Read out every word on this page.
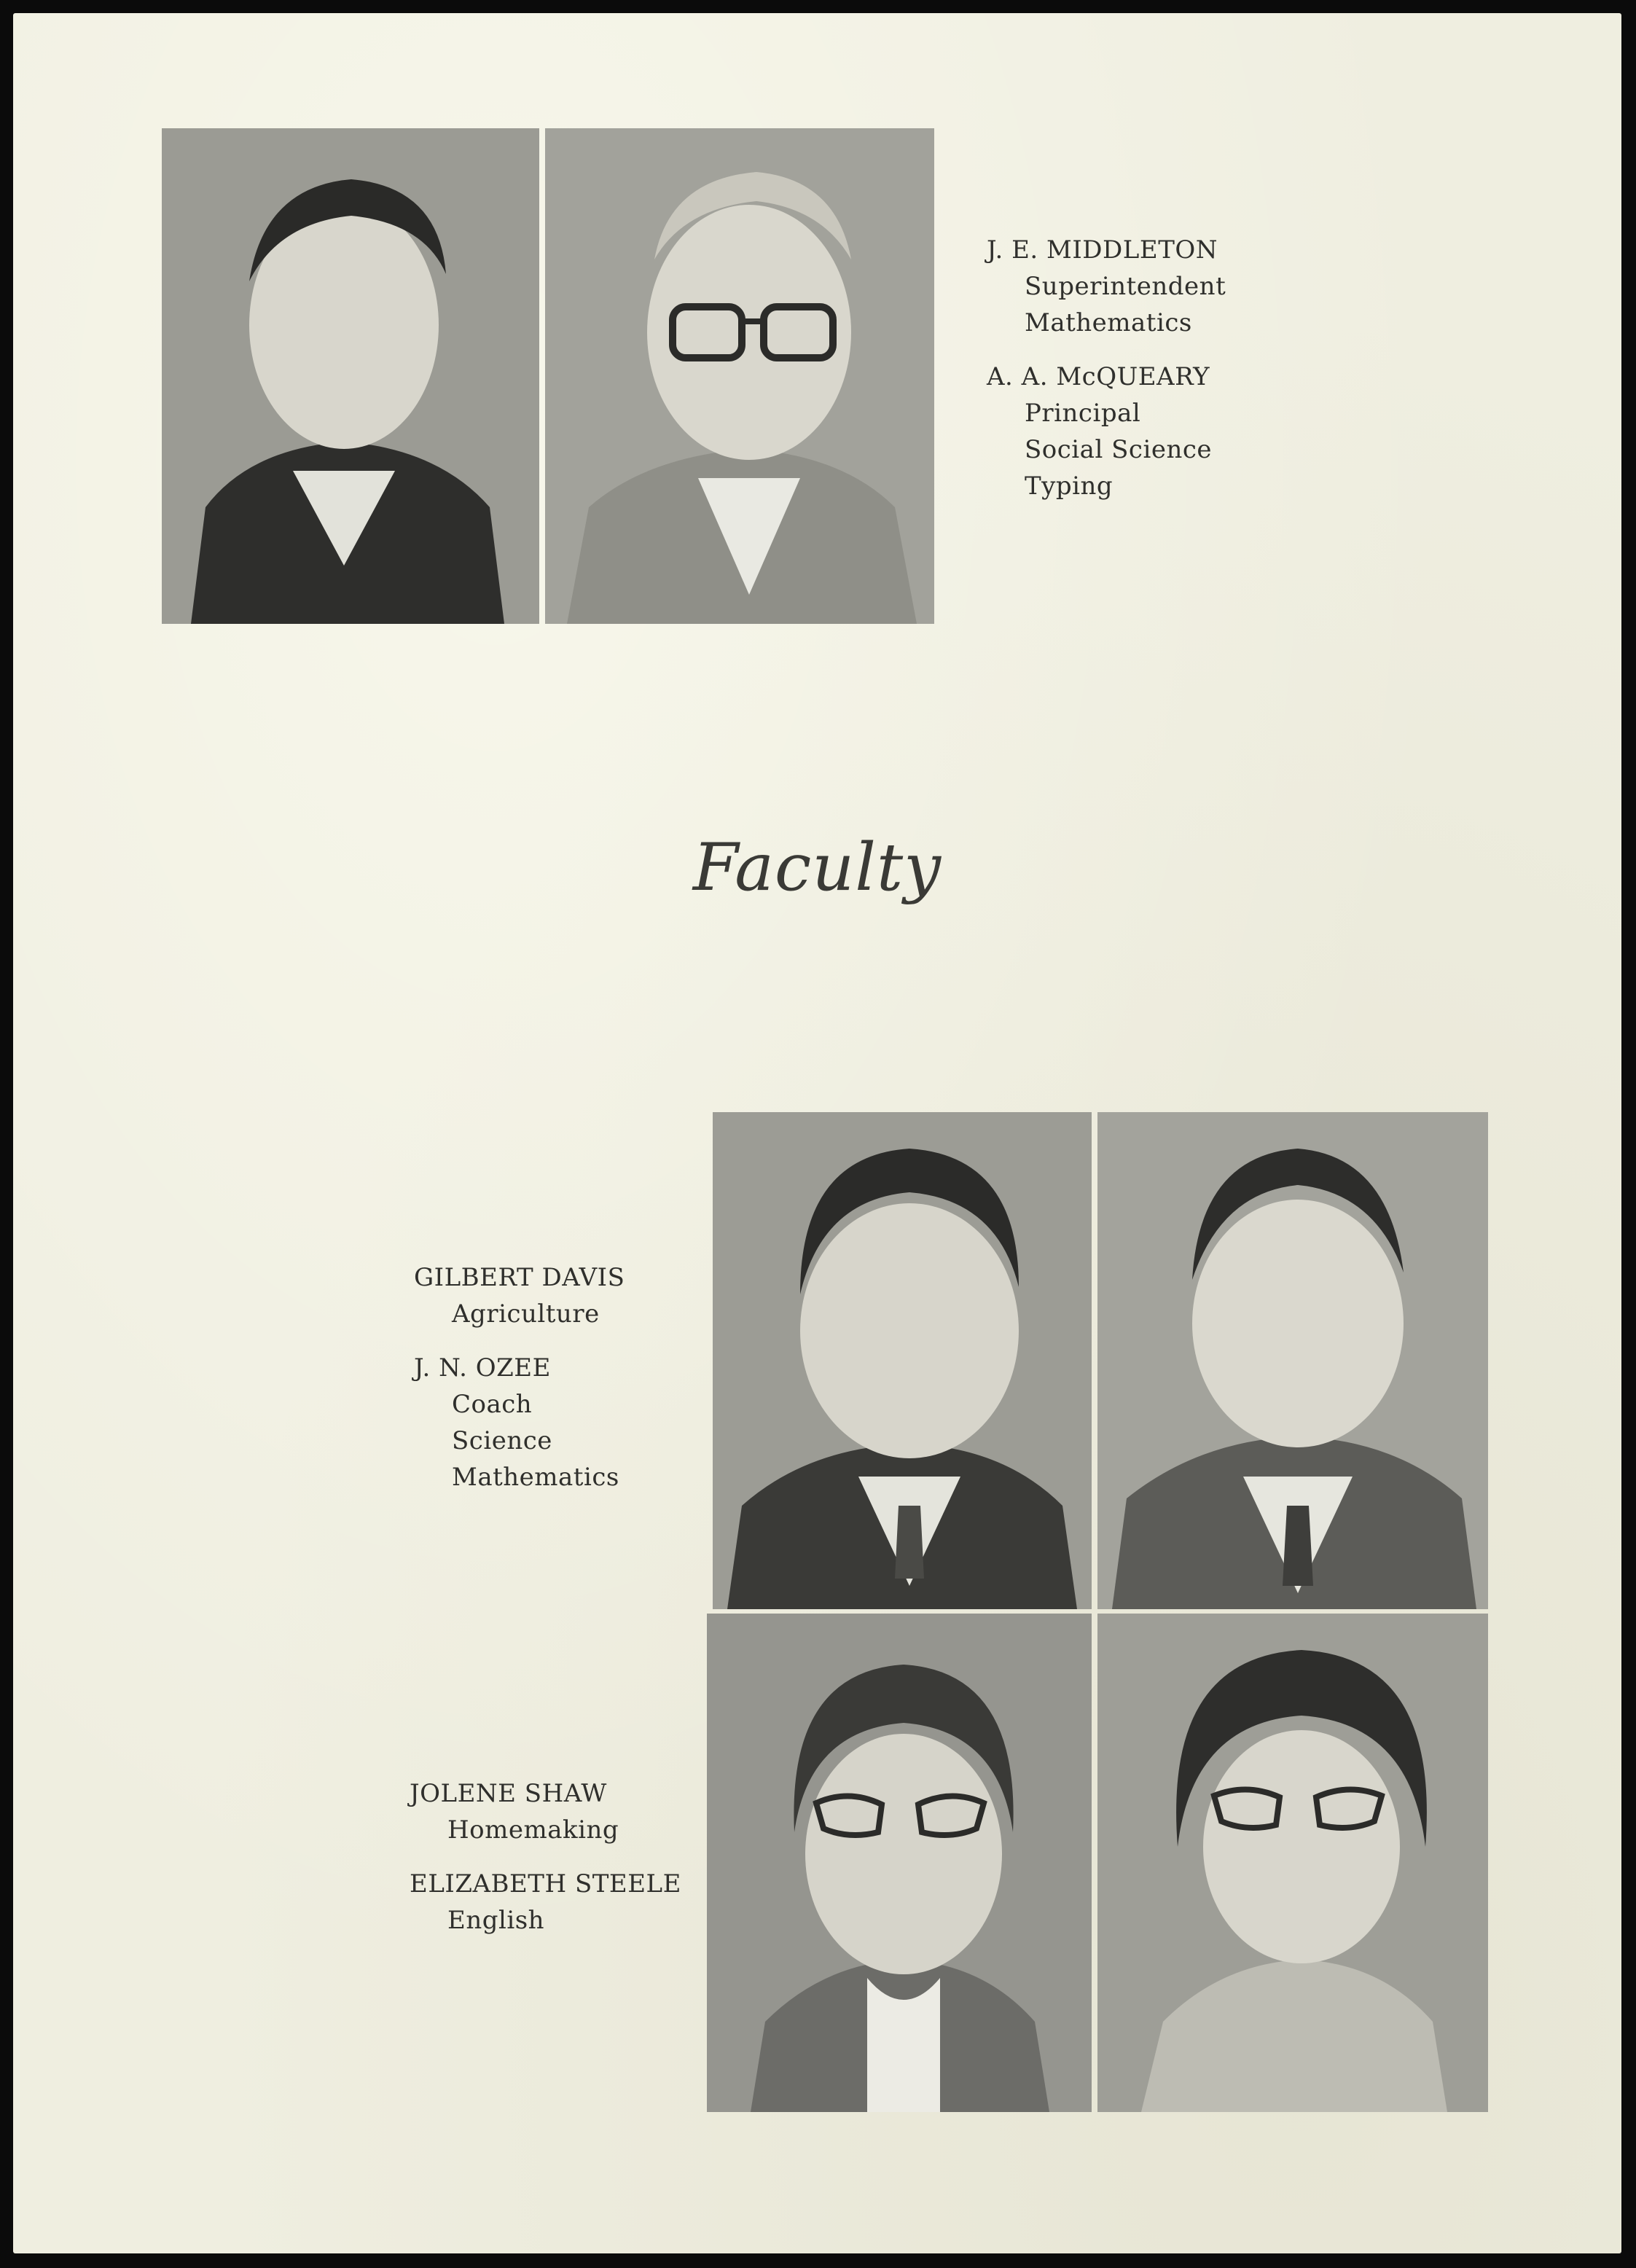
J. E. MIDDLETON
Superintendent
Mathematics
A. A. McQUEARY
Principal
Social Science
Typing
Faculty
GILBERT DAVIS
Agriculture
J. N. OZEE
Coach
Science
Mathematics
JOLENE SHAW
Homemaking
ELIZABETH STEELE
English
